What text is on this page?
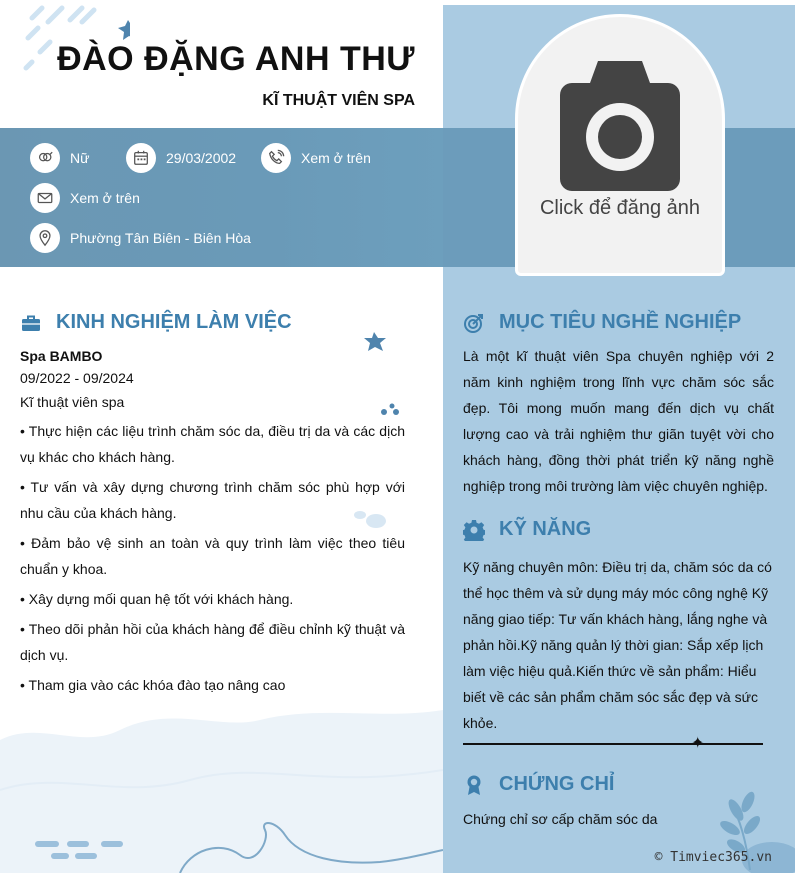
ĐÀO ĐẶNG ANH THƯ
KĨ THUẬT VIÊN SPA
Nữ	29/03/2002	Xem ở trên
Xem ở trên
Phường Tân Biên - Biên Hòa
Click để đăng ảnh
KINH NGHIỆM LÀM VIỆC
Spa BAMBO
09/2022 - 09/2024
Kĩ thuật viên spa
• Thực hiện các liệu trình chăm sóc da, điều trị da và các dịch vụ khác cho khách hàng.
• Tư vấn và xây dựng chương trình chăm sóc phù hợp với nhu cầu của khách hàng.
• Đảm bảo vệ sinh an toàn và quy trình làm việc theo tiêu chuẩn y khoa.
• Xây dựng mối quan hệ tốt với khách hàng.
• Theo dõi phản hồi của khách hàng để điều chỉnh kỹ thuật và dịch vụ.
• Tham gia vào các khóa đào tạo nâng cao
MỤC TIÊU NGHỀ NGHIỆP
Là một kĩ thuật viên Spa chuyên nghiệp với 2 năm kinh nghiệm trong lĩnh vực chăm sóc sắc đẹp. Tôi mong muốn mang đến dịch vụ chất lượng cao và trải nghiệm thư giãn tuyệt vời cho khách hàng, đồng thời phát triển kỹ năng nghề nghiệp trong môi trường làm việc chuyên nghiệp.
KỸ NĂNG
Kỹ năng chuyên môn: Điều trị da, chăm sóc da có thể học thêm và sử dụng máy móc công nghệ Kỹ năng giao tiếp: Tư vấn khách hàng, lắng nghe và phản hồi.Kỹ năng quản lý thời gian: Sắp xếp lịch làm việc hiệu quả.Kiến thức về sản phẩm: Hiểu biết về các sản phẩm chăm sóc sắc đẹp và sức khỏe.
✦
CHỨNG CHỈ
Chứng chỉ sơ cấp chăm sóc da
© Timviec365.vn
